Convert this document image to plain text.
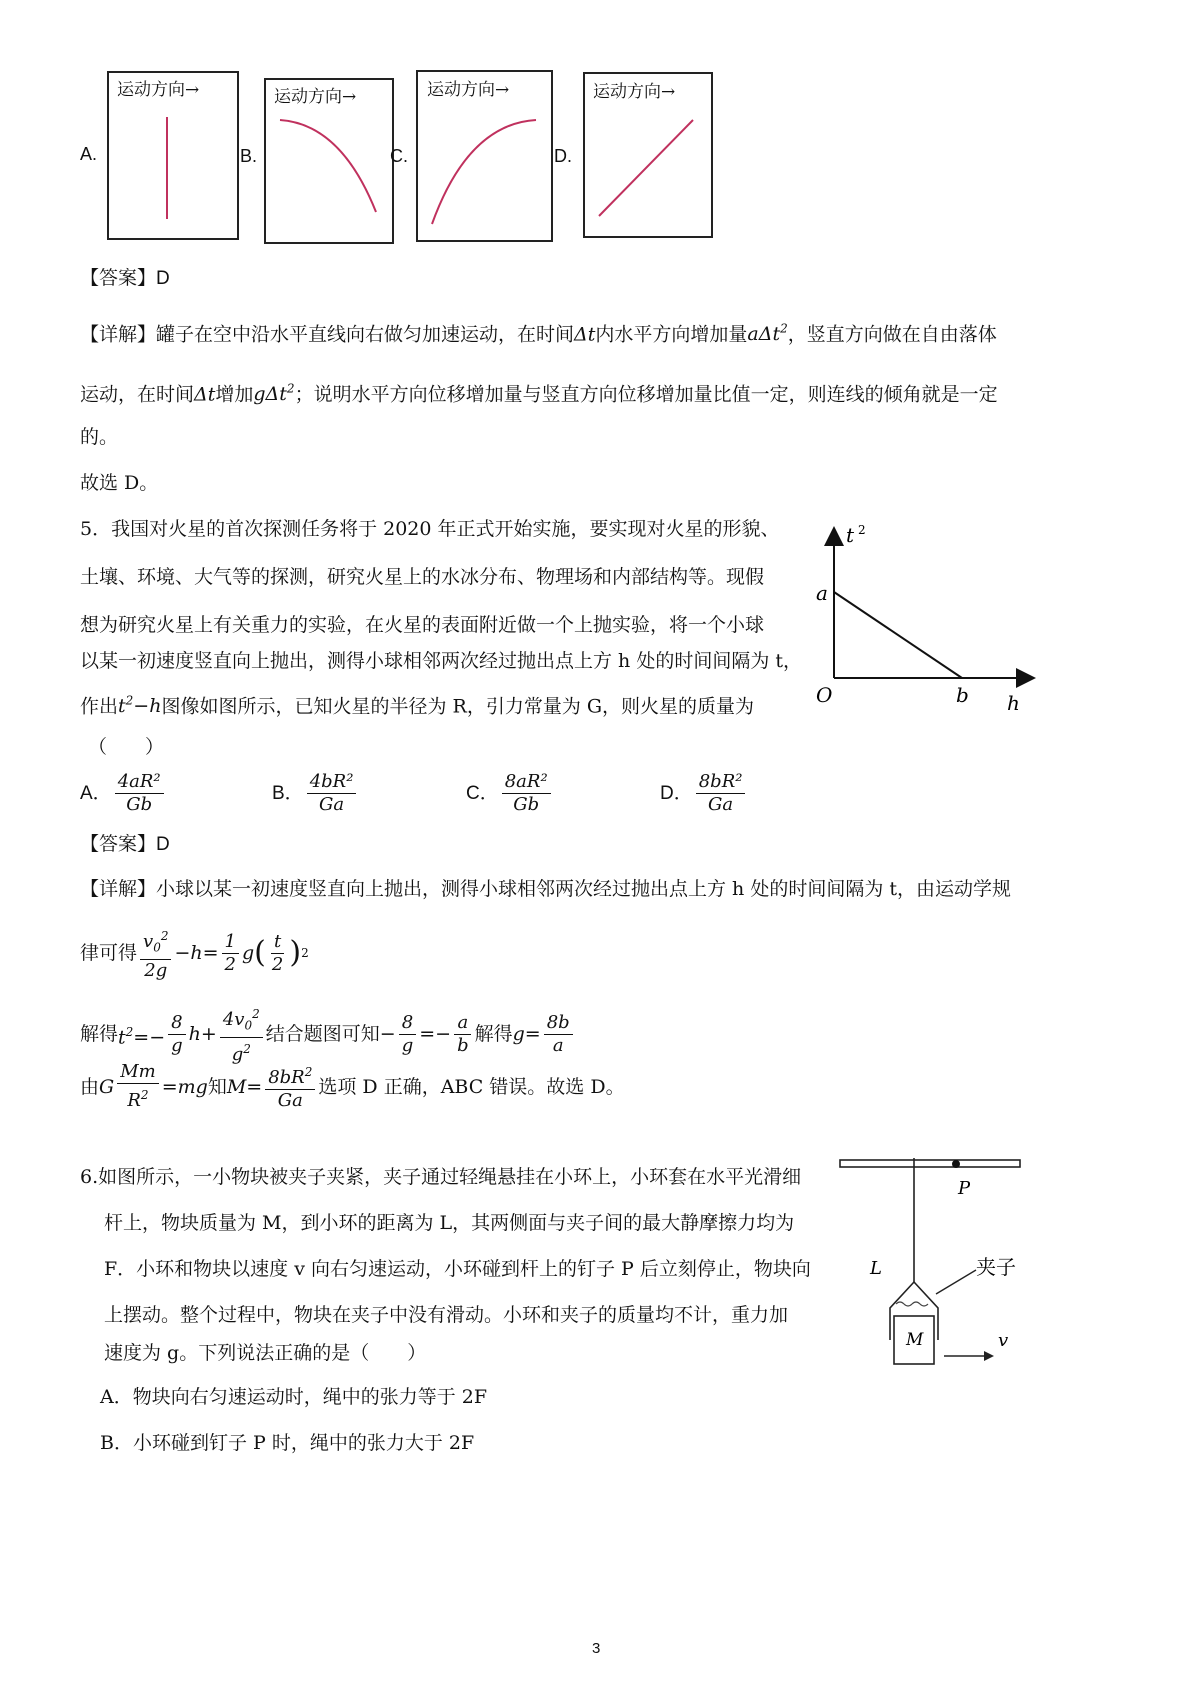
A.
运动方向→
B.
运动方向→
C.
运动方向→
D.
运动方向→
【答案】D
【详解】罐子在空中沿水平直线向右做匀加速运动，在时间Δt内水平方向增加量aΔt$^2$，竖直方向做在自由落体
运动，在时间Δt增加gΔt$^2$；说明水平方向位移增加量与竖直方向位移增加量比值一定，则连线的倾角就是一定
的。
故选 D。
5．我国对火星的首次探测任务将于 2020 年正式开始实施，要实现对火星的形貌、
土壤、环境、大气等的探测，研究火星上的水冰分布、物理场和内部结构等。现假
想为研究火星上有关重力的实验，在火星的表面附近做一个上抛实验，将一个小球
以某一初速度竖直向上抛出，测得小球相邻两次经过抛出点上方 h 处的时间间隔为 t，
作出$t^2-h$图像如图所示，已知火星的半径为 R，引力常量为 G，则火星的质量为
（　　）
t 2
a
O	b h
A． $\frac{\text{4aR²}}{Gb}$	B． $\frac{\text{4bR²}}{Ga}$	C． $\frac{\text{8aR²}}{Gb}$	D． $\frac{\text{8bR²}}{Ga}$
【答案】D
【详解】小球以某一初速度竖直向上抛出，测得小球相邻两次经过抛出点上方 h 处的时间间隔为 t，由运动学规
律可得 $\frac{v_0^2}{2g} -h= \frac{1}{2}$ g ( $\frac{t}{2}$ ) 2
解得 $t^2=- \frac{8}{g} h+ \frac{4v_0^2}{g^2}$ 结合题图可知 − $\frac{8}{g} =- \frac{a}{b}$ 解得 $g= \frac{8b}{a}$
由 G $\frac{Mm}{R^2} =mg$ 知 $M= \frac{8bR^2}{Ga}$ 选项 D 正确，ABC 错误。故选 D。
6.如图所示，一小物块被夹子夹紧，夹子通过轻绳悬挂在小环上，小环套在水平光滑细
杆上，物块质量为 M，到小环的距离为 L，其两侧面与夹子间的最大静摩擦力均为
F．小环和物块以速度 v 向右匀速运动，小环碰到杆上的钉子 P 后立刻停止，物块向
上摆动。整个过程中，物块在夹子中没有滑动。小环和夹子的质量均不计，重力加
速度为 g。下列说法正确的是（　　）
A．物块向右匀速运动时，绳中的张力等于 2F
B．小环碰到钉子 P 时，绳中的张力大于 2F
P
L
M
夹子
v
3
